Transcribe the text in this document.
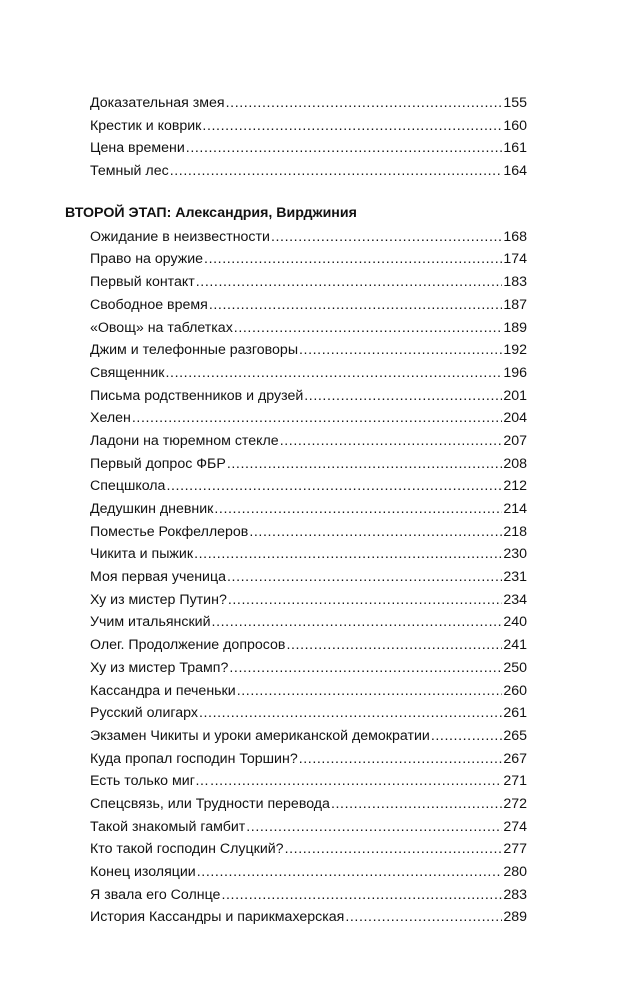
Доказательная змея .....	155
Крестик и коврик .....	160
Цена времени .....	161
Темный лес .....	164
ВТОРОЙ ЭТАП: Александрия, Вирджиния
Ожидание в неизвестности .....	168
Право на оружие .....	174
Первый контакт .....	183
Свободное время .....	187
«Овощ» на таблетках .....	189
Джим и телефонные разговоры .....	192
Священник .....	196
Письма родственников и друзей .....	201
Хелен .....	204
Ладони на тюремном стекле .....	207
Первый допрос ФБР .....	208
Спецшкола .....	212
Дедушкин дневник .....	214
Поместье Рокфеллеров .....	218
Чикита и пыжик .....	230
Моя первая ученица .....	231
Ху из мистер Путин? .....	234
Учим итальянский .....	240
Олег. Продолжение допросов .....	241
Ху из мистер Трамп? .....	250
Кассандра и печеньки .....	260
Русский олигарх .....	261
Экзамен Чикиты и уроки американской демократии .....	265
Куда пропал господин Торшин? .....	267
Есть только миг… .....	271
Спецсвязь, или Трудности перевода .....	272
Такой знакомый гамбит .....	274
Кто такой господин Слуцкий? .....	277
Конец изоляции .....	280
Я звала его Солнце .....	283
История Кассандры и парикмахерская .....	289
